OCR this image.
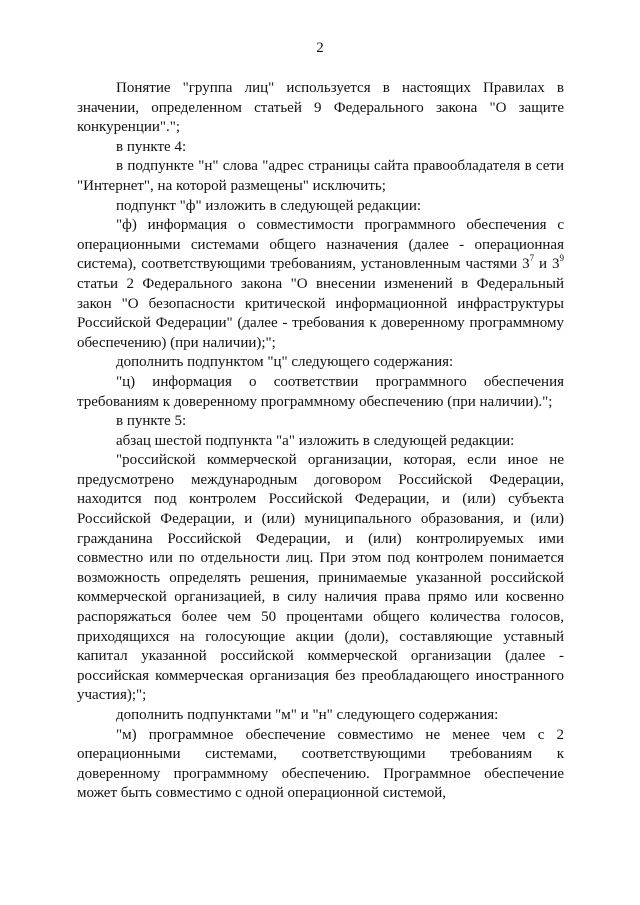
2

Понятие "группа лиц" используется в настоящих Правилах в значении, определенном статьей 9 Федерального закона "О защите конкуренции".";

в пункте 4:

в подпункте "н" слова "адрес страницы сайта правообладателя в сети "Интернет", на которой размещены" исключить;

подпункт "ф" изложить в следующей редакции:

"ф) информация о совместимости программного обеспечения с операционными системами общего назначения (далее - операционная система), соответствующими требованиям, установленным частями $3^7$ и $3^9$ статьи 2 Федерального закона "О внесении изменений в Федеральный закон "О безопасности критической информационной инфраструктуры Российской Федерации" (далее - требования к доверенному программному обеспечению) (при наличии);";

дополнить подпунктом "ц" следующего содержания:

"ц) информация о соответствии программного обеспечения требованиям к доверенному программному обеспечению (при наличии).";

в пункте 5:

абзац шестой подпункта "а" изложить в следующей редакции:

"российской коммерческой организации, которая, если иное не предусмотрено международным договором Российской Федерации, находится под контролем Российской Федерации, и (или) субъекта Российской Федерации, и (или) муниципального образования, и (или) гражданина Российской Федерации, и (или) контролируемых ими совместно или по отдельности лиц. При этом под контролем понимается возможность определять решения, принимаемые указанной российской коммерческой организацией, в силу наличия права прямо или косвенно распоряжаться более чем 50 процентами общего количества голосов, приходящихся на голосующие акции (доли), составляющие уставный капитал указанной российской коммерческой организации (далее - российская коммерческая организация без преобладающего иностранного участия);";

дополнить подпунктами "м" и "н" следующего содержания:

"м) программное обеспечение совместимо не менее чем с 2 операционными системами, соответствующими требованиям к доверенному программному обеспечению. Программное обеспечение может быть совместимо с одной операционной системой,
